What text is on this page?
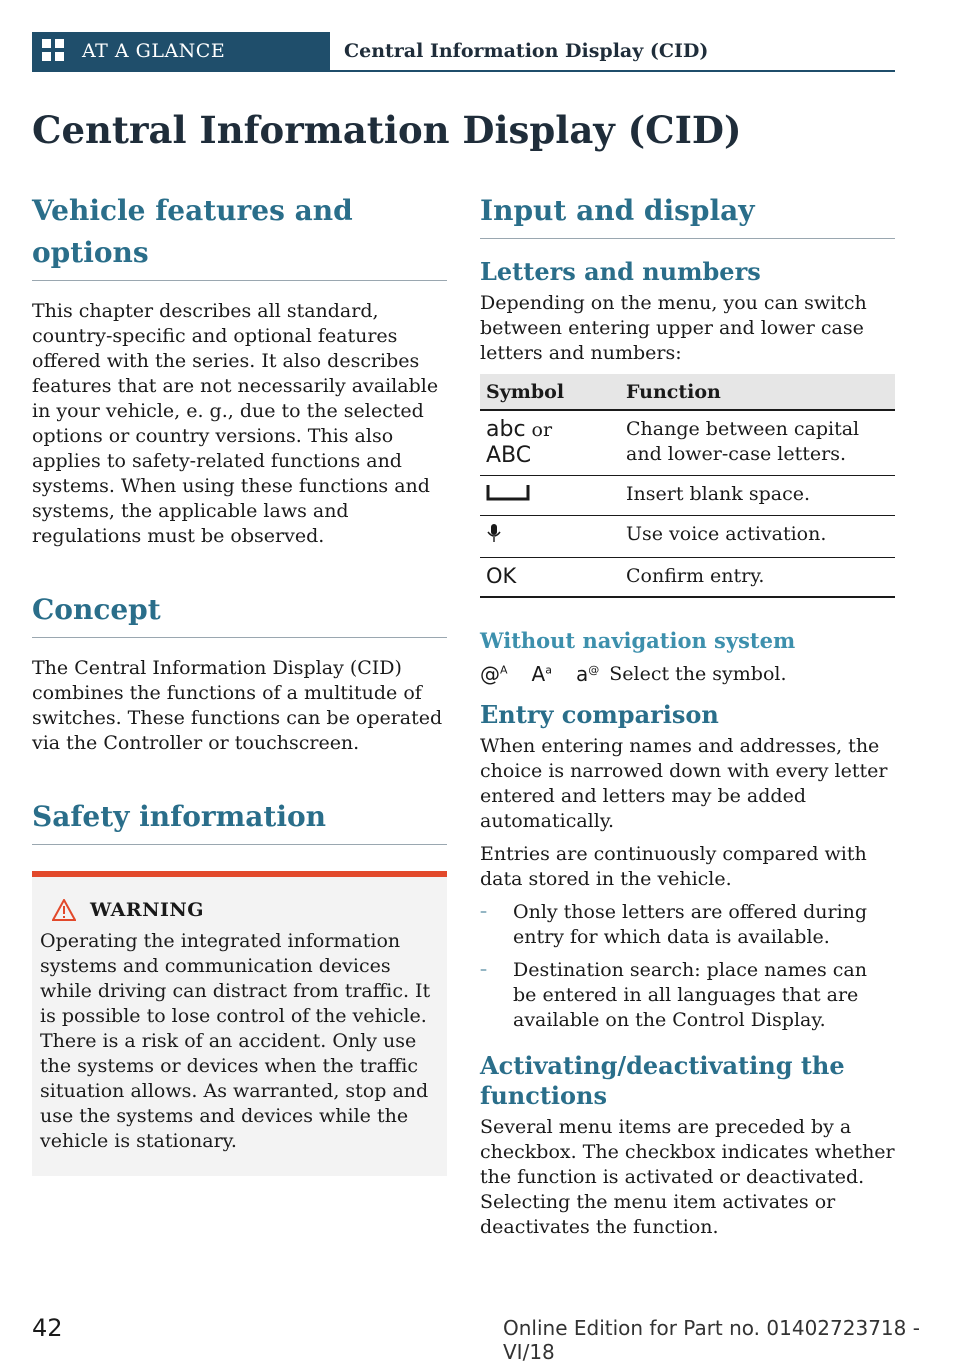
AT A GLANCE	Central Information Display (CID)
Central Information Display (CID)
Vehicle features and options

This chapter describes all standard, country-specific and optional features offered with the series. It also describes features that are not necessarily available in your vehicle, e. g., due to the selected options or country versions. This also applies to safety-related functions and systems. When using these functions and systems, the applicable laws and regulations must be observed.

Concept

The Central Information Display (CID) combines the functions of a multitude of switches. These functions can be operated via the Controller or touchscreen.

Safety information
WARNING

Operating the integrated information systems and communication devices while driving can distract from traffic. It is possible to lose control of the vehicle. There is a risk of an accident. Only use the systems or devices when the traffic situation allows. As warranted, stop and use the systems and devices while the vehicle is stationary.

Input and display
Letters and numbers

Depending on the menu, you can switch between entering upper and lower case letters and numbers:

Symbol	Function
abc or
ABC	Change between capital and lower-case letters.
	Insert blank space.
	Use voice activation.
OK	Confirm entry.
Without navigation system
@$^A$ $A^a$ a@ Select the symbol.
Entry comparison

When entering names and addresses, the choice is narrowed down with every letter entered and letters may be added automatically.

Entries are continuously compared with data stored in the vehicle.

– Only those letters are offered during entry for which data is available.
– Destination search: place names can be entered in all languages that are available on the Control Display.
Activating/deactivating the functions

Several menu items are preceded by a checkbox. The checkbox indicates whether the function is activated or deactivated. Selecting the menu item activates or deactivates the function.

42	Online Edition for Part no. 01402723718 - VI/18
